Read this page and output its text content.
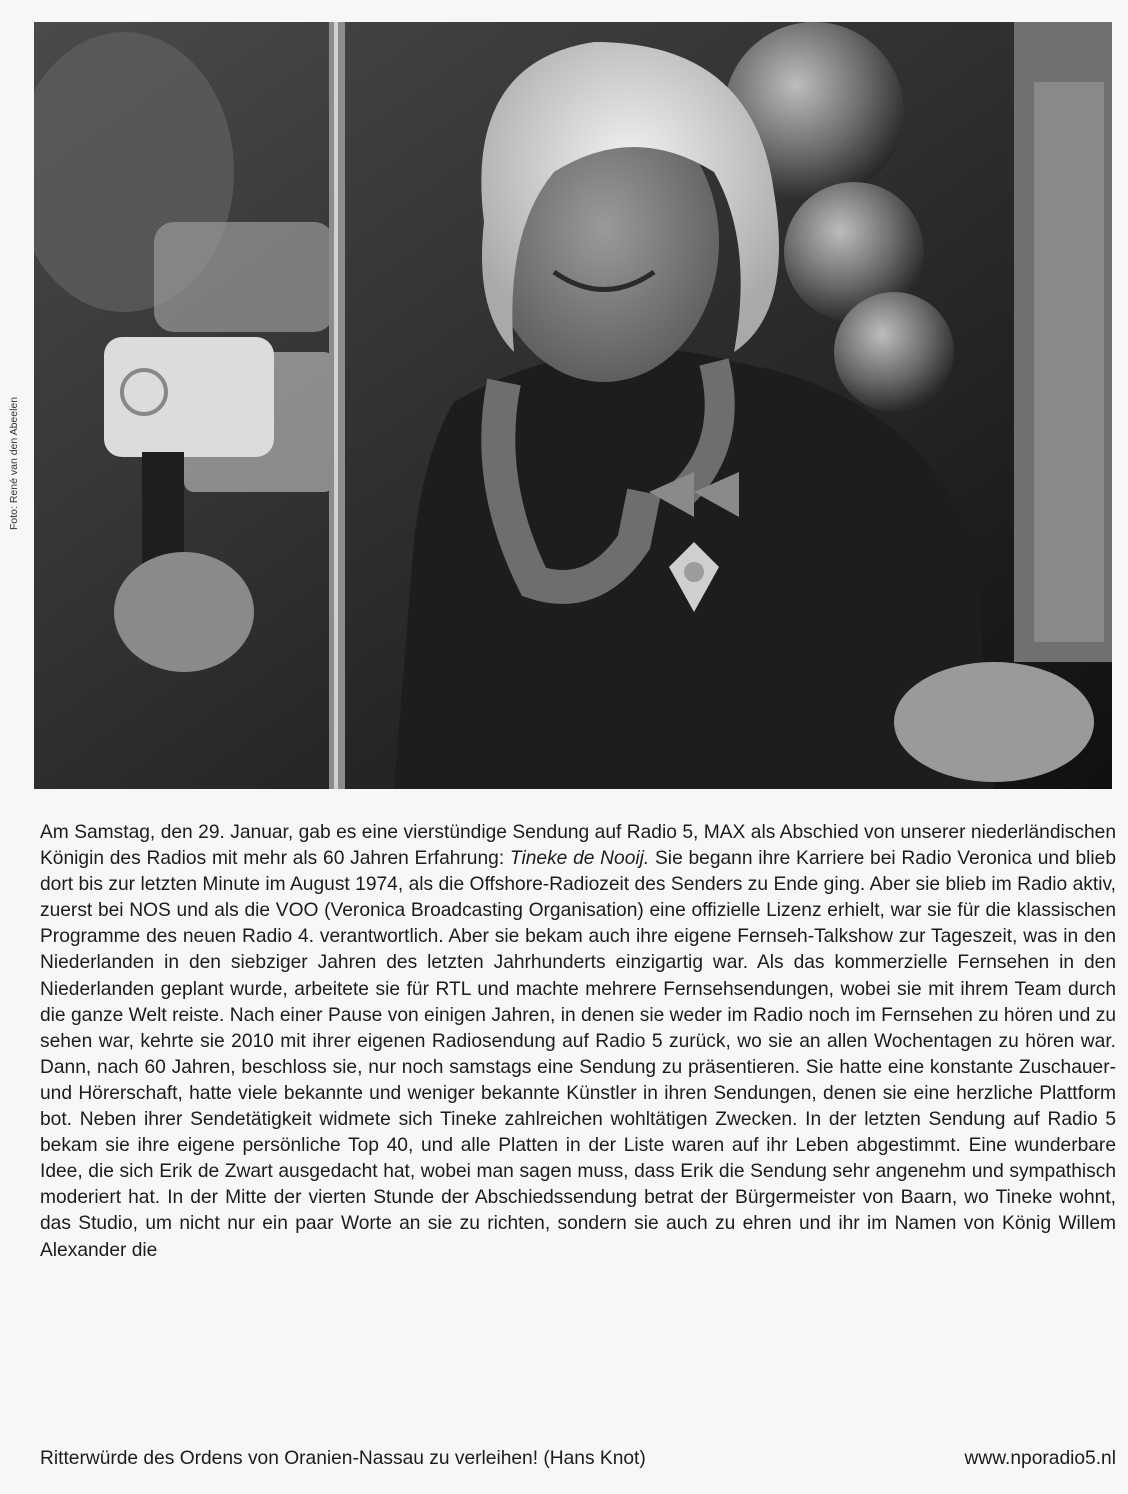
Foto: René van den Abeelen

Am Samstag, den 29. Januar, gab es eine vierstündige Sendung auf Radio 5, MAX als Abschied von unserer niederländischen Königin des Radios mit mehr als 60 Jahren Erfahrung: Tineke de Nooij. Sie begann ihre Karriere bei Radio Veronica und blieb dort bis zur letzten Minute im August 1974, als die Offshore-Radiozeit des Senders zu Ende ging. Aber sie blieb im Radio aktiv, zuerst bei NOS und als die VOO (Veronica Broadcasting Organisation) eine offizielle Lizenz erhielt, war sie für die klassischen Programme des neuen Radio 4. verantwortlich. Aber sie bekam auch ihre eigene Fernseh-Talkshow zur Tageszeit, was in den Niederlanden in den siebziger Jahren des letzten Jahrhunderts einzigartig war. Als das kommerzielle Fernsehen in den Niederlanden geplant wurde, arbeitete sie für RTL und machte mehrere Fernsehsendungen, wobei sie mit ihrem Team durch die ganze Welt reiste. Nach einer Pause von einigen Jahren, in denen sie weder im Radio noch im Fernsehen zu hören und zu sehen war, kehrte sie 2010 mit ihrer eigenen Radiosendung auf Radio 5 zurück, wo sie an allen Wochentagen zu hören war. Dann, nach 60 Jahren, beschloss sie, nur noch samstags eine Sendung zu präsentieren. Sie hatte eine konstante Zuschauer- und Hörerschaft, hatte viele bekannte und weniger bekannte Künstler in ihren Sendungen, denen sie eine herzliche Plattform bot. Neben ihrer Sendetätigkeit widmete sich Tineke zahlreichen wohltätigen Zwecken. In der letzten Sendung auf Radio 5 bekam sie ihre eigene persönliche Top 40, und alle Platten in der Liste waren auf ihr Leben abgestimmt. Eine wunderbare Idee, die sich Erik de Zwart ausgedacht hat, wobei man sagen muss, dass Erik die Sendung sehr angenehm und sympathisch moderiert hat. In der Mitte der vierten Stunde der Abschiedssendung betrat der Bürgermeister von Baarn, wo Tineke wohnt, das Studio, um nicht nur ein paar Worte an sie zu richten, sondern sie auch zu ehren und ihr im Namen von König Willem Alexander die

Ritterwürde des Ordens von Oranien-Nassau zu verleihen! (Hans Knot)	www.nporadio5.nl
